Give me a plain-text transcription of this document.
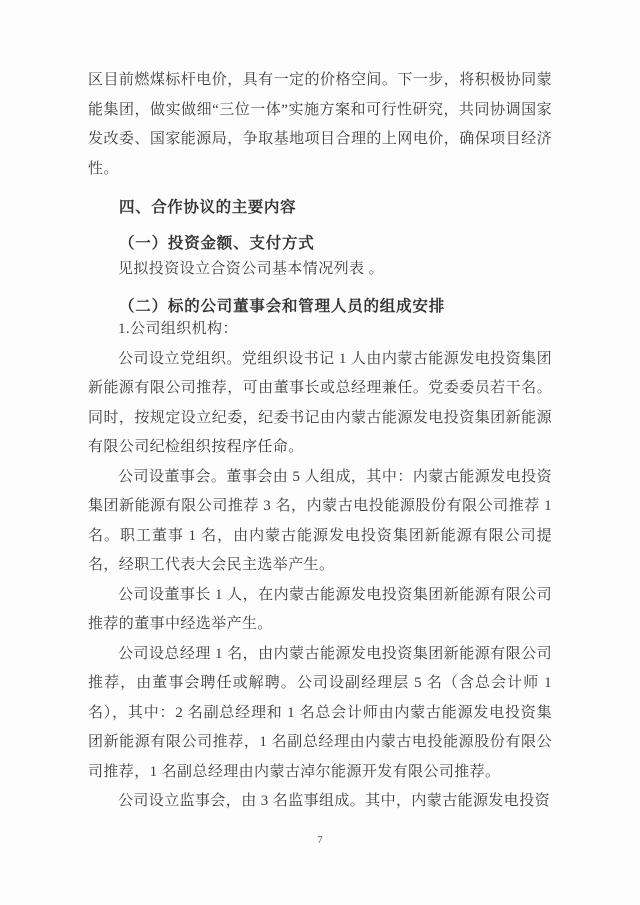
区目前燃煤标杆电价，具有一定的价格空间。下一步，将积极协同蒙能集团，做实做细“三位一体”实施方案和可行性研究，共同协调国家发改委、国家能源局，争取基地项目合理的上网电价，确保项目经济性。

四、合作协议的主要内容

（一）投资金额、支付方式

见拟投资设立合资公司基本情况列表 。

（二）标的公司董事会和管理人员的组成安排

1.公司组织机构：

公司设立党组织。党组织设书记 1 人由内蒙古能源发电投资集团新能源有限公司推荐，可由董事长或总经理兼任。党委委员若干名。同时，按规定设立纪委，纪委书记由内蒙古能源发电投资集团新能源有限公司纪检组织按程序任命。

公司设董事会。董事会由 5 人组成，其中：内蒙古能源发电投资集团新能源有限公司推荐 3 名，内蒙古电投能源股份有限公司推荐 1 名。职工董事 1 名，由内蒙古能源发电投资集团新能源有限公司提名，经职工代表大会民主选举产生。

公司设董事长 1 人，在内蒙古能源发电投资集团新能源有限公司推荐的董事中经选举产生。

公司设总经理 1 名，由内蒙古能源发电投资集团新能源有限公司推荐，由董事会聘任或解聘。公司设副经理层 5 名（含总会计师 1 名），其中：2 名副总经理和 1 名总会计师由内蒙古能源发电投资集团新能源有限公司推荐，1 名副总经理由内蒙古电投能源股份有限公司推荐，1 名副总经理由内蒙古淖尔能源开发有限公司推荐。

公司设立监事会，由 3 名监事组成。其中，内蒙古能源发电投资

7
